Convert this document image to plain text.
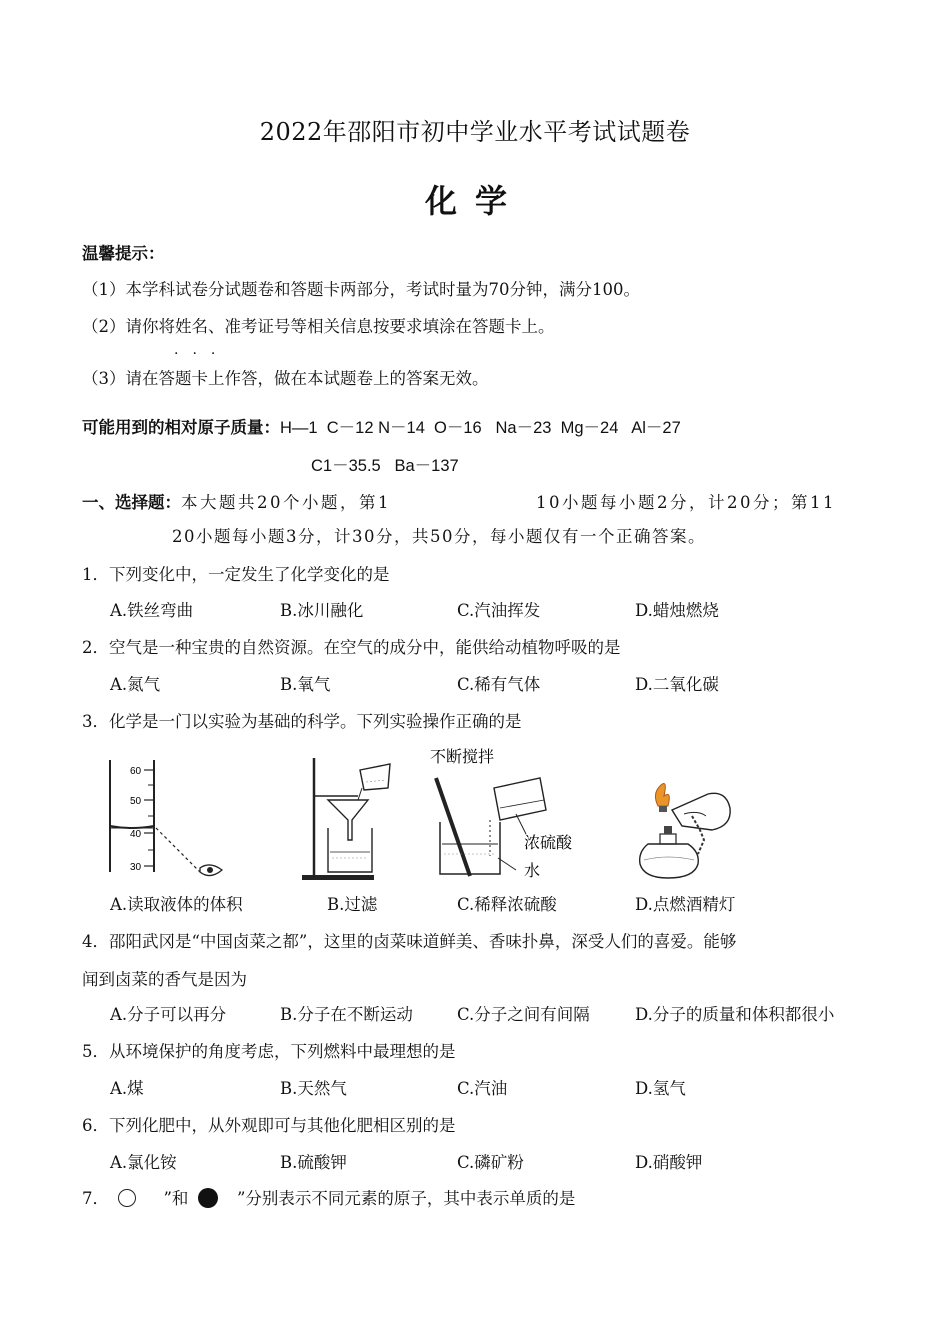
2022年邵阳市初中学业水平考试试题卷
化学
温馨提示：
（1）本学科试卷分试题卷和答题卡两部分，考试时量为70分钟，满分100。
（2）请你将姓名、准考证号等相关信息按要求填涂在答题卡上。
...
（3）请在答题卡上作答，做在本试题卷上的答案无效。
可能用到的相对原子质量：H—1  C－12 N－14  O－16   Na－23  Mg－24   Al－27
C1－35.5   Ba－137
一、选择题：本大题共20个小题，第1	10小题每小题2分，计20分；第11
20小题每小题3分，计30分，共50分，每小题仅有一个正确答案。
1．下列变化中，一定发生了化学变化的是
A.铁丝弯曲	B.冰川融化	C.汽油挥发	D.蜡烛燃烧
2．空气是一种宝贵的自然资源。在空气的成分中，能供给动植物呼吸的是
A.氮气	B.氧气	C.稀有气体	D.二氧化碳
3．化学是一门以实验为基础的科学。下列实验操作正确的是
60
50
40
30
A.读取液体的体积	B.过滤
不断搅拌
浓硫酸
水
C.稀释浓硫酸	D.点燃酒精灯
4．邵阳武冈是“中国卤菜之都”，这里的卤菜味道鲜美、香味扑鼻，深受人们的喜爱。能够
闻到卤菜的香气是因为
A.分子可以再分	B.分子在不断运动	C.分子之间有间隔	D.分子的质量和体积都很小
5．从环境保护的角度考虑，下列燃料中最理想的是
A.煤	B.天然气	C.汽油	D.氢气
6．下列化肥中，从外观即可与其他化肥相区别的是
A.氯化铵	B.硫酸钾	C.磷矿粉	D.硝酸钾
7．	”和	”分别表示不同元素的原子，其中表示单质的是
